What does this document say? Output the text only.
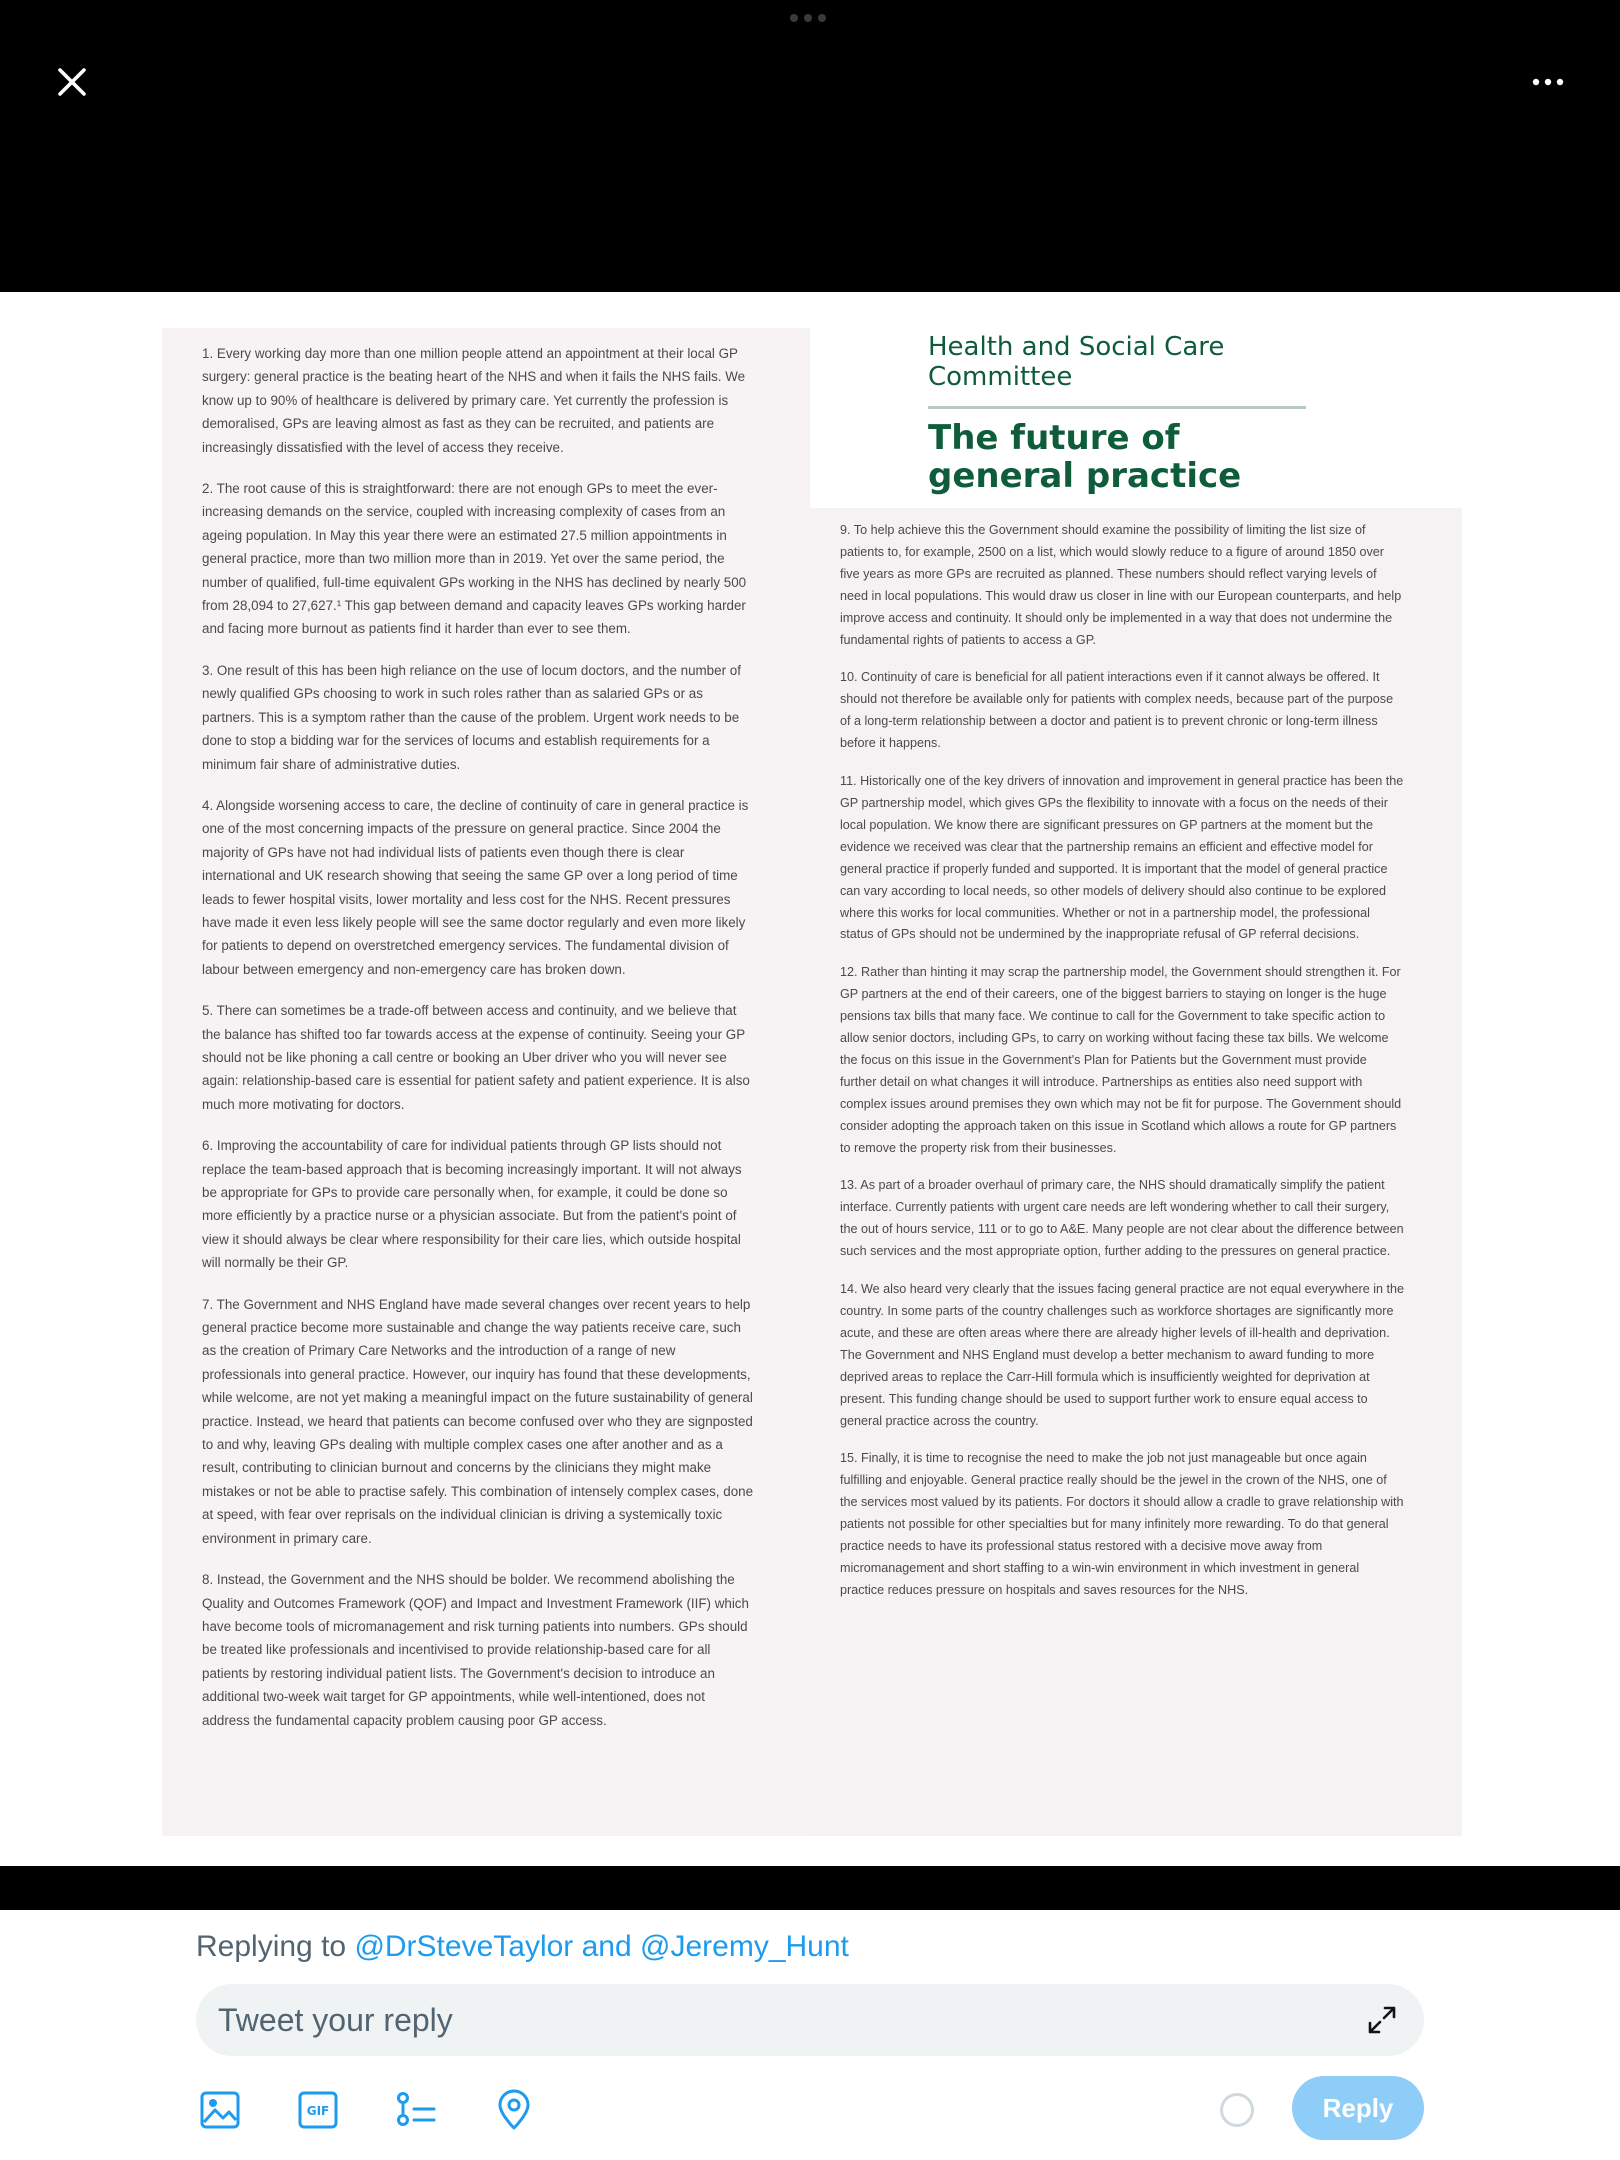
1. Every working day more than one million people attend an appointment at their local GP surgery: general practice is the beating heart of the NHS and when it fails the NHS fails. We know up to 90% of healthcare is delivered by primary care. Yet currently the profession is demoralised, GPs are leaving almost as fast as they can be recruited, and patients are increasingly dissatisfied with the level of access they receive.

2. The root cause of this is straightforward: there are not enough GPs to meet the ever-increasing demands on the service, coupled with increasing complexity of cases from an ageing population. In May this year there were an estimated 27.5 million appointments in general practice, more than two million more than in 2019. Yet over the same period, the number of qualified, full-time equivalent GPs working in the NHS has declined by nearly 500 from 28,094 to 27,627.¹ This gap between demand and capacity leaves GPs working harder and facing more burnout as patients find it harder than ever to see them.

3. One result of this has been high reliance on the use of locum doctors, and the number of newly qualified GPs choosing to work in such roles rather than as salaried GPs or as partners. This is a symptom rather than the cause of the problem. Urgent work needs to be done to stop a bidding war for the services of locums and establish requirements for a minimum fair share of administrative duties.

4. Alongside worsening access to care, the decline of continuity of care in general practice is one of the most concerning impacts of the pressure on general practice. Since 2004 the majority of GPs have not had individual lists of patients even though there is clear international and UK research showing that seeing the same GP over a long period of time leads to fewer hospital visits, lower mortality and less cost for the NHS. Recent pressures have made it even less likely people will see the same doctor regularly and even more likely for patients to depend on overstretched emergency services. The fundamental division of labour between emergency and non-emergency care has broken down.

5. There can sometimes be a trade-off between access and continuity, and we believe that the balance has shifted too far towards access at the expense of continuity. Seeing your GP should not be like phoning a call centre or booking an Uber driver who you will never see again: relationship-based care is essential for patient safety and patient experience. It is also much more motivating for doctors.

6. Improving the accountability of care for individual patients through GP lists should not replace the team-based approach that is becoming increasingly important. It will not always be appropriate for GPs to provide care personally when, for example, it could be done so more efficiently by a practice nurse or a physician associate. But from the patient's point of view it should always be clear where responsibility for their care lies, which outside hospital will normally be their GP.

7. The Government and NHS England have made several changes over recent years to help general practice become more sustainable and change the way patients receive care, such as the creation of Primary Care Networks and the introduction of a range of new professionals into general practice. However, our inquiry has found that these developments, while welcome, are not yet making a meaningful impact on the future sustainability of general practice. Instead, we heard that patients can become confused over who they are signposted to and why, leaving GPs dealing with multiple complex cases one after another and as a result, contributing to clinician burnout and concerns by the clinicians they might make mistakes or not be able to practise safely. This combination of intensely complex cases, done at speed, with fear over reprisals on the individual clinician is driving a systemically toxic environment in primary care.

8. Instead, the Government and the NHS should be bolder. We recommend abolishing the Quality and Outcomes Framework (QOF) and Impact and Investment Framework (IIF) which have become tools of micromanagement and risk turning patients into numbers. GPs should be treated like professionals and incentivised to provide relationship-based care for all patients by restoring individual patient lists. The Government's decision to introduce an additional two-week wait target for GP appointments, while well-intentioned, does not address the fundamental capacity problem causing poor GP access.

Health and Social Care Committee
The future of general practice

9. To help achieve this the Government should examine the possibility of limiting the list size of patients to, for example, 2500 on a list, which would slowly reduce to a figure of around 1850 over five years as more GPs are recruited as planned. These numbers should reflect varying levels of need in local populations. This would draw us closer in line with our European counterparts, and help improve access and continuity. It should only be implemented in a way that does not undermine the fundamental rights of patients to access a GP.

10. Continuity of care is beneficial for all patient interactions even if it cannot always be offered. It should not therefore be available only for patients with complex needs, because part of the purpose of a long-term relationship between a doctor and patient is to prevent chronic or long-term illness before it happens.

11. Historically one of the key drivers of innovation and improvement in general practice has been the GP partnership model, which gives GPs the flexibility to innovate with a focus on the needs of their local population. We know there are significant pressures on GP partners at the moment but the evidence we received was clear that the partnership remains an efficient and effective model for general practice if properly funded and supported. It is important that the model of general practice can vary according to local needs, so other models of delivery should also continue to be explored where this works for local communities. Whether or not in a partnership model, the professional status of GPs should not be undermined by the inappropriate refusal of GP referral decisions.

12. Rather than hinting it may scrap the partnership model, the Government should strengthen it. For GP partners at the end of their careers, one of the biggest barriers to staying on longer is the huge pensions tax bills that many face. We continue to call for the Government to take specific action to allow senior doctors, including GPs, to carry on working without facing these tax bills. We welcome the focus on this issue in the Government's Plan for Patients but the Government must provide further detail on what changes it will introduce. Partnerships as entities also need support with complex issues around premises they own which may not be fit for purpose. The Government should consider adopting the approach taken on this issue in Scotland which allows a route for GP partners to remove the property risk from their businesses.

13. As part of a broader overhaul of primary care, the NHS should dramatically simplify the patient interface. Currently patients with urgent care needs are left wondering whether to call their surgery, the out of hours service, 111 or to go to A&E. Many people are not clear about the difference between such services and the most appropriate option, further adding to the pressures on general practice.

14. We also heard very clearly that the issues facing general practice are not equal everywhere in the country. In some parts of the country challenges such as workforce shortages are significantly more acute, and these are often areas where there are already higher levels of ill-health and deprivation. The Government and NHS England must develop a better mechanism to award funding to more deprived areas to replace the Carr-Hill formula which is insufficiently weighted for deprivation at present. This funding change should be used to support further work to ensure equal access to general practice across the country.

15. Finally, it is time to recognise the need to make the job not just manageable but once again fulfilling and enjoyable. General practice really should be the jewel in the crown of the NHS, one of the services most valued by its patients. For doctors it should allow a cradle to grave relationship with patients not possible for other specialties but for many infinitely more rewarding. To do that general practice needs to have its professional status restored with a decisive move away from micromanagement and short staffing to a win-win environment in which investment in general practice reduces pressure on hospitals and saves resources for the NHS.

Replying to @DrSteveTaylor and @Jeremy_Hunt
Tweet your reply
GIF	Reply
